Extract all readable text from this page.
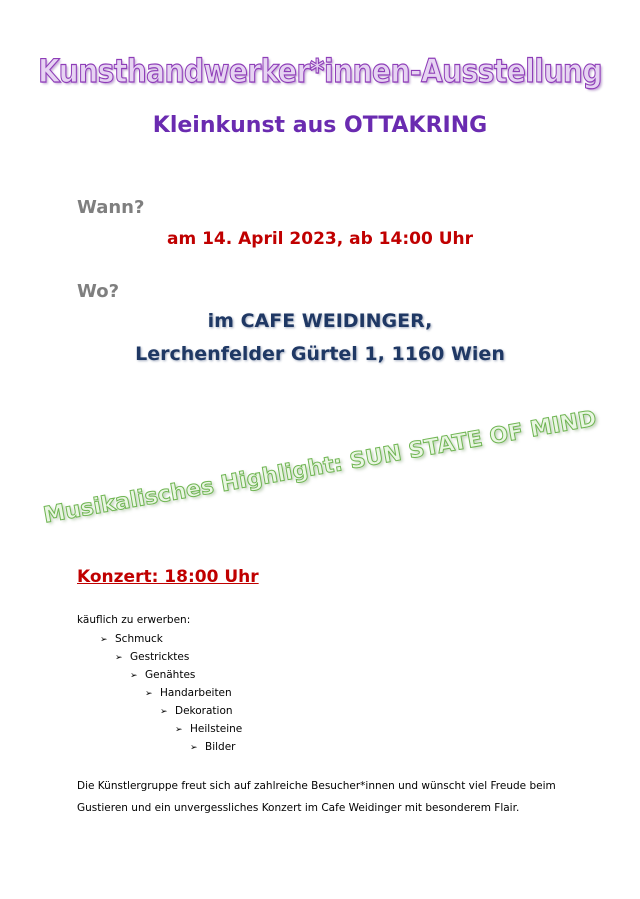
Kunsthandwerker*innen-Ausstellung
Kleinkunst aus OTTAKRING
Wann?
am 14. April 2023, ab 14:00 Uhr
Wo?
im CAFE WEIDINGER,
Lerchenfelder Gürtel 1, 1160 Wien
Musikalisches Highlight: SUN STATE OF MIND
Konzert: 18:00 Uhr
käuflich zu erwerben:
➢ Schmuck
➢ Gestricktes
➢ Genähtes
➢ Handarbeiten
➢ Dekoration
➢ Heilsteine
➢ Bilder
Die Künstlergruppe freut sich auf zahlreiche Besucher*innen und wünscht viel Freude beim Gustieren und ein unvergessliches Konzert im Cafe Weidinger mit besonderem Flair.
